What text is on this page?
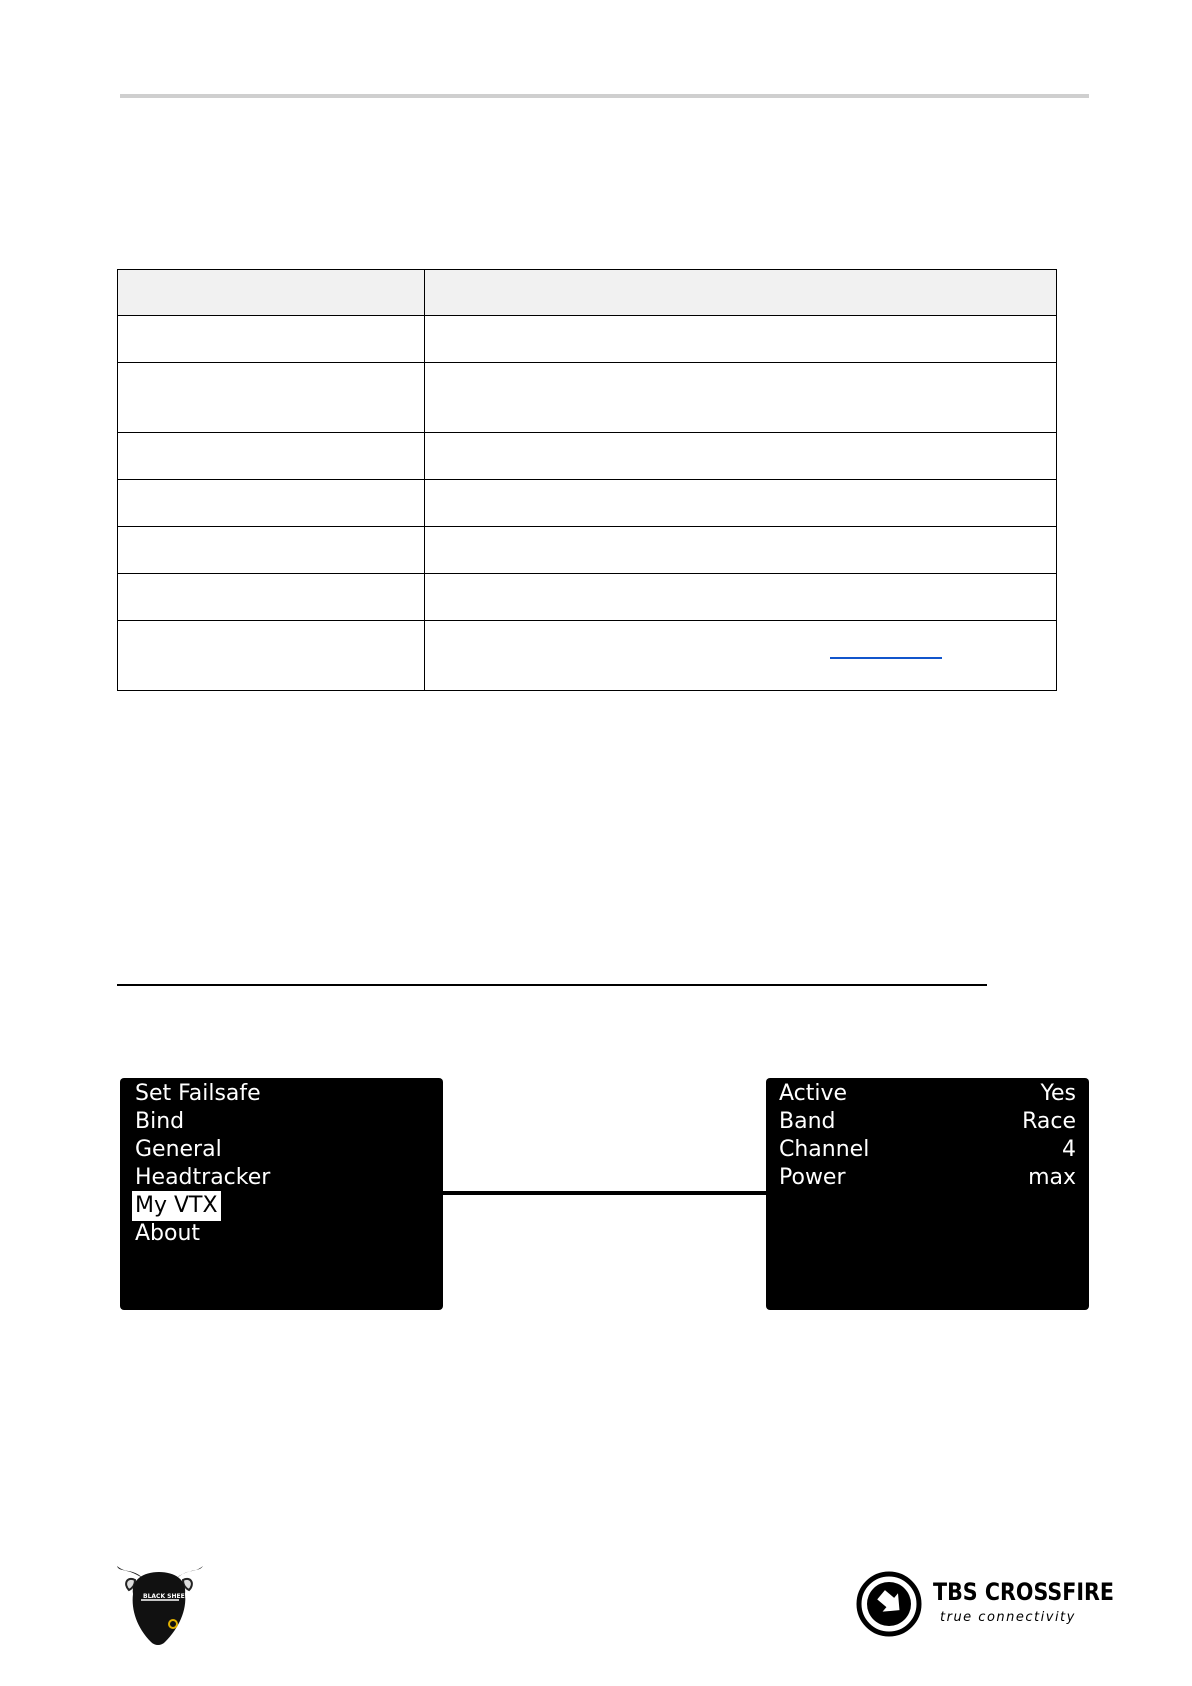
Set Failsafe
Bind
General
Headtracker
My VTX
About
Active	Yes
Band	Race
Channel	4
Power	max
BLACK SHEEP	TBS CROSSFIRE
true connectivity
